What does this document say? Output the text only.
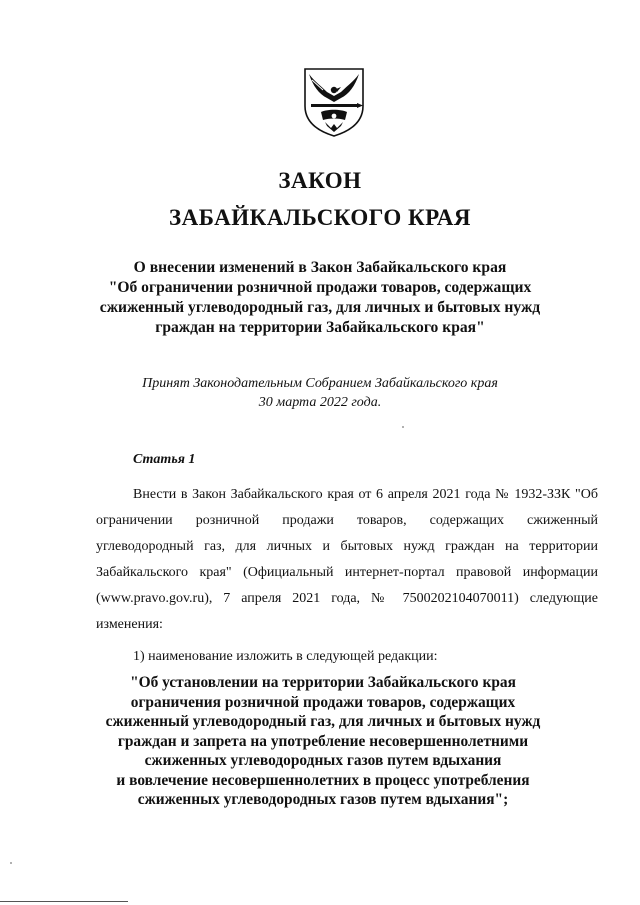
ЗАКОН
ЗАБАЙКАЛЬСКОГО КРАЯ
О внесении изменений в Закон Забайкальского края
"Об ограничении розничной продажи товаров, содержащих
сжиженный углеводородный газ, для личных и бытовых нужд
граждан на территории Забайкальского края"
Принят Законодательным Собранием Забайкальского края
30 марта 2022 года.
Статья 1

Внести в Закон Забайкальского края от 6 апреля 2021 года № 1932-ЗЗК "Об ограничении розничной продажи товаров, содержащих сжиженный углеводородный газ, для личных и бытовых нужд граждан на территории Забайкальского края" (Официальный интернет-портал правовой информации (www.pravo.gov.ru), 7 апреля 2021 года, № 7500202104070011) следующие изменения:

1) наименование изложить в следующей редакции:
"Об установлении на территории Забайкальского края
ограничения розничной продажи товаров, содержащих
сжиженный углеводородный газ, для личных и бытовых нужд
граждан и запрета на употребление несовершеннолетними
сжиженных углеводородных газов путем вдыхания
и вовлечение несовершеннолетних в процесс употребления
сжиженных углеводородных газов путем вдыхания";
